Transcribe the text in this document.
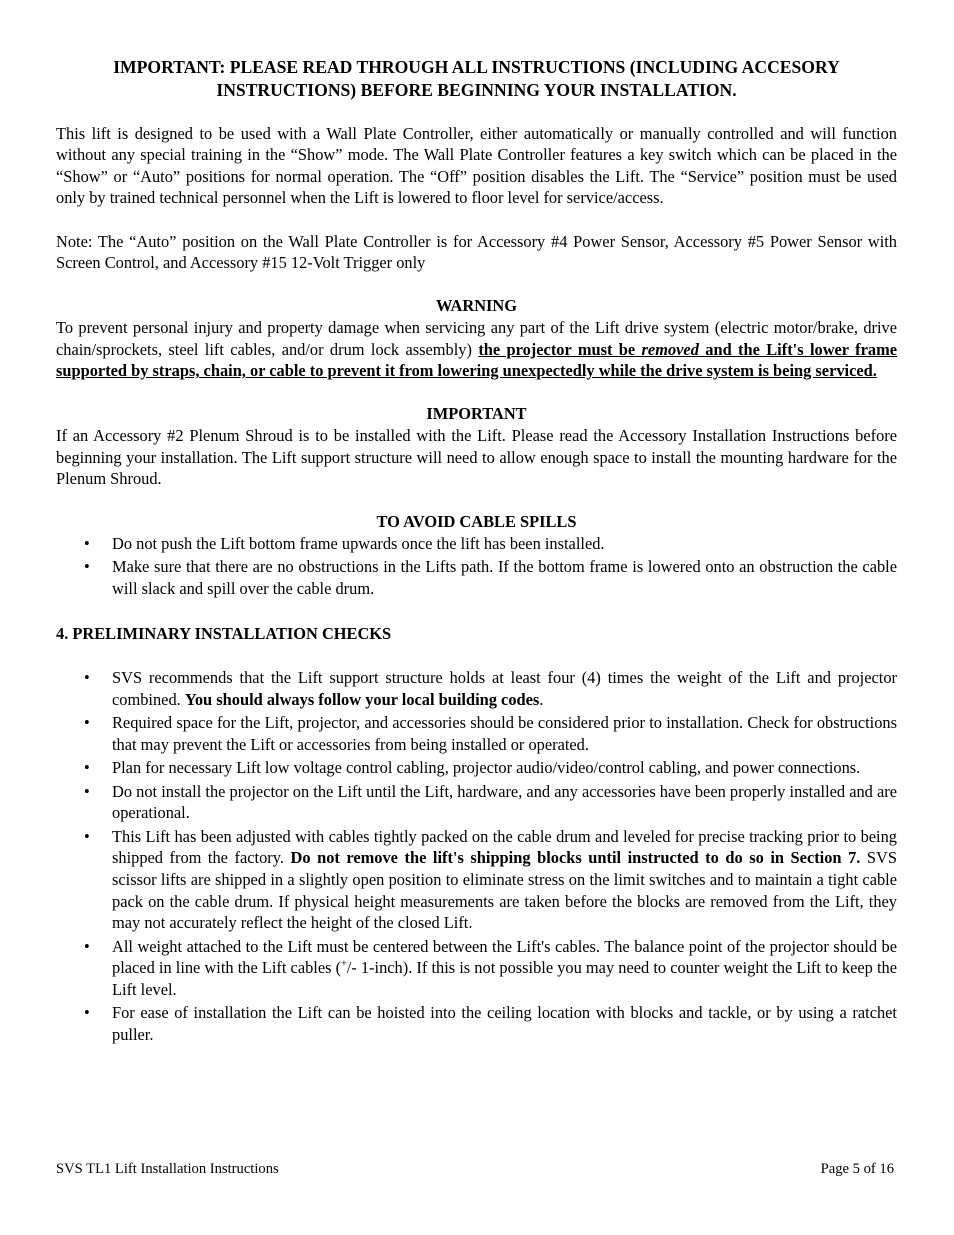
IMPORTANT: PLEASE READ THROUGH ALL INSTRUCTIONS (INCLUDING ACCESORY
INSTRUCTIONS) BEFORE BEGINNING YOUR INSTALLATION.

This lift is designed to be used with a Wall Plate Controller, either automatically or manually controlled and will function without any special training in the “Show” mode. The Wall Plate Controller features a key switch which can be placed in the “Show” or “Auto” positions for normal operation. The “Off” position disables the Lift. The “Service” position must be used only by trained technical personnel when the Lift is lowered to floor level for service/access.

Note: The “Auto” position on the Wall Plate Controller is for Accessory #4 Power Sensor, Accessory #5 Power Sensor with Screen Control, and Accessory #15 12-Volt Trigger only

WARNING

To prevent personal injury and property damage when servicing any part of the Lift drive system (electric motor/brake, drive chain/sprockets, steel lift cables, and/or drum lock assembly) the projector must be removed and the Lift's lower frame supported by straps, chain, or cable to prevent it from lowering unexpectedly while the drive system is being serviced.

IMPORTANT

If an Accessory #2 Plenum Shroud is to be installed with the Lift. Please read the Accessory Installation Instructions before beginning your installation. The Lift support structure will need to allow enough space to install the mounting hardware for the Plenum Shroud.

TO AVOID CABLE SPILLS

• Do not push the Lift bottom frame upwards once the lift has been installed.
• Make sure that there are no obstructions in the Lifts path. If the bottom frame is lowered onto an obstruction the cable will slack and spill over the cable drum.

4. PRELIMINARY INSTALLATION CHECKS

• SVS recommends that the Lift support structure holds at least four (4) times the weight of the Lift and projector combined. You should always follow your local building codes.
• Required space for the Lift, projector, and accessories should be considered prior to installation. Check for obstructions that may prevent the Lift or accessories from being installed or operated.
• Plan for necessary Lift low voltage control cabling, projector audio/video/control cabling, and power connections.
• Do not install the projector on the Lift until the Lift, hardware, and any accessories have been properly installed and are operational.
• This Lift has been adjusted with cables tightly packed on the cable drum and leveled for precise tracking prior to being shipped from the factory. Do not remove the lift's shipping blocks until instructed to do so in Section 7. SVS scissor lifts are shipped in a slightly open position to eliminate stress on the limit switches and to maintain a tight cable pack on the cable drum. If physical height measurements are taken before the blocks are removed from the Lift, they may not accurately reflect the height of the closed Lift.
• All weight attached to the Lift must be centered between the Lift's cables. The balance point of the projector should be placed in line with the Lift cables (+/- 1-inch). If this is not possible you may need to counter weight the Lift to keep the Lift level.
• For ease of installation the Lift can be hoisted into the ceiling location with blocks and tackle, or by using a ratchet puller.
SVS TL1 Lift Installation Instructions	Page 5 of 16
